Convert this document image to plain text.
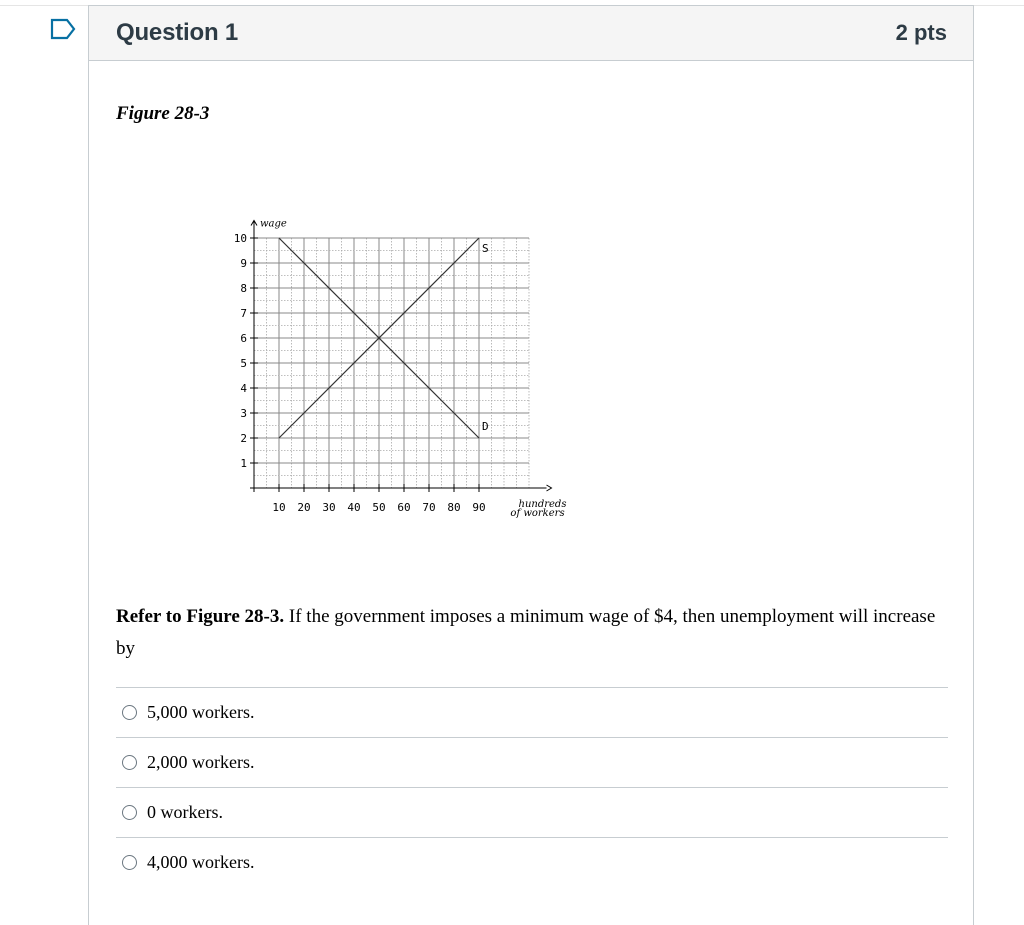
Question 1	2 pts
Figure 28-3
1
2
3
4
5
6
7
8
9
10
10 20 30 40 50 60 70 80 90
wage
hundreds
of workers
S
D
Refer to Figure 28-3. If the government imposes a minimum wage of $4, then unemployment will increase by
5,000 workers.
2,000 workers.
0 workers.
4,000 workers.
